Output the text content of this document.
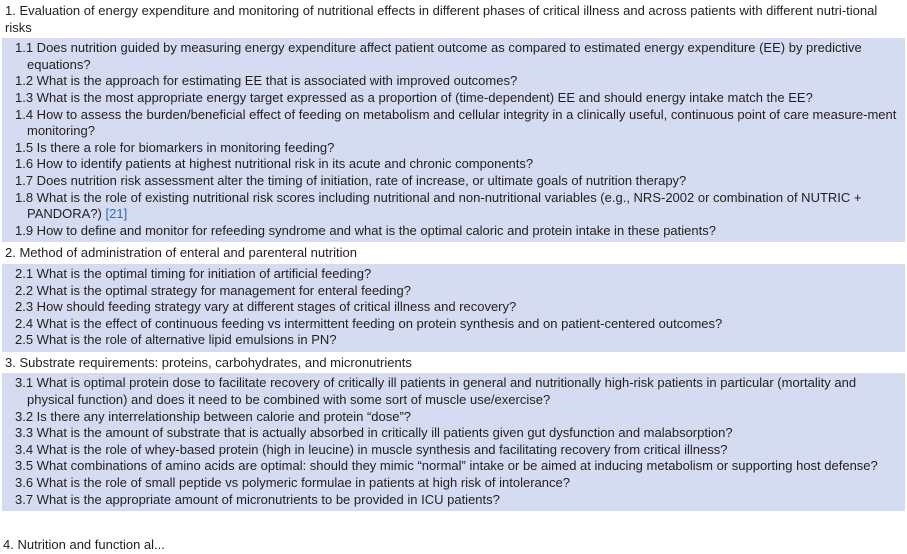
1. Evaluation of energy expenditure and monitoring of nutritional effects in different phases of critical illness and across patients with different nutri-tional risks
1.1 Does nutrition guided by measuring energy expenditure affect patient outcome as compared to estimated energy expenditure (EE) by predictive equations?
1.2 What is the approach for estimating EE that is associated with improved outcomes?
1.3 What is the most appropriate energy target expressed as a proportion of (time-dependent) EE and should energy intake match the EE?
1.4 How to assess the burden/beneficial effect of feeding on metabolism and cellular integrity in a clinically useful, continuous point of care measure-ment monitoring?
1.5 Is there a role for biomarkers in monitoring feeding?
1.6 How to identify patients at highest nutritional risk in its acute and chronic components?
1.7 Does nutrition risk assessment alter the timing of initiation, rate of increase, or ultimate goals of nutrition therapy?
1.8 What is the role of existing nutritional risk scores including nutritional and non-nutritional variables (e.g., NRS-2002 or combination of NUTRIC + PANDORA?) [21]
1.9 How to define and monitor for refeeding syndrome and what is the optimal caloric and protein intake in these patients?
2. Method of administration of enteral and parenteral nutrition
2.1 What is the optimal timing for initiation of artificial feeding?
2.2 What is the optimal strategy for management for enteral feeding?
2.3 How should feeding strategy vary at different stages of critical illness and recovery?
2.4 What is the effect of continuous feeding vs intermittent feeding on protein synthesis and on patient-centered outcomes?
2.5 What is the role of alternative lipid emulsions in PN?
3. Substrate requirements: proteins, carbohydrates, and micronutrients
3.1 What is optimal protein dose to facilitate recovery of critically ill patients in general and nutritionally high-risk patients in particular (mortality and physical function) and does it need to be combined with some sort of muscle use/exercise?
3.2 Is there any interrelationship between calorie and protein “dose”?
3.3 What is the amount of substrate that is actually absorbed in critically ill patients given gut dysfunction and malabsorption?
3.4 What is the role of whey-based protein (high in leucine) in muscle synthesis and facilitating recovery from critical illness?
3.5 What combinations of amino acids are optimal: should they mimic “normal” intake or be aimed at inducing metabolism or supporting host defense?
3.6 What is the role of small peptide vs polymeric formulae in patients at high risk of intolerance?
3.7 What is the appropriate amount of micronutrients to be provided in ICU patients?
4. Nutrition and function al...
